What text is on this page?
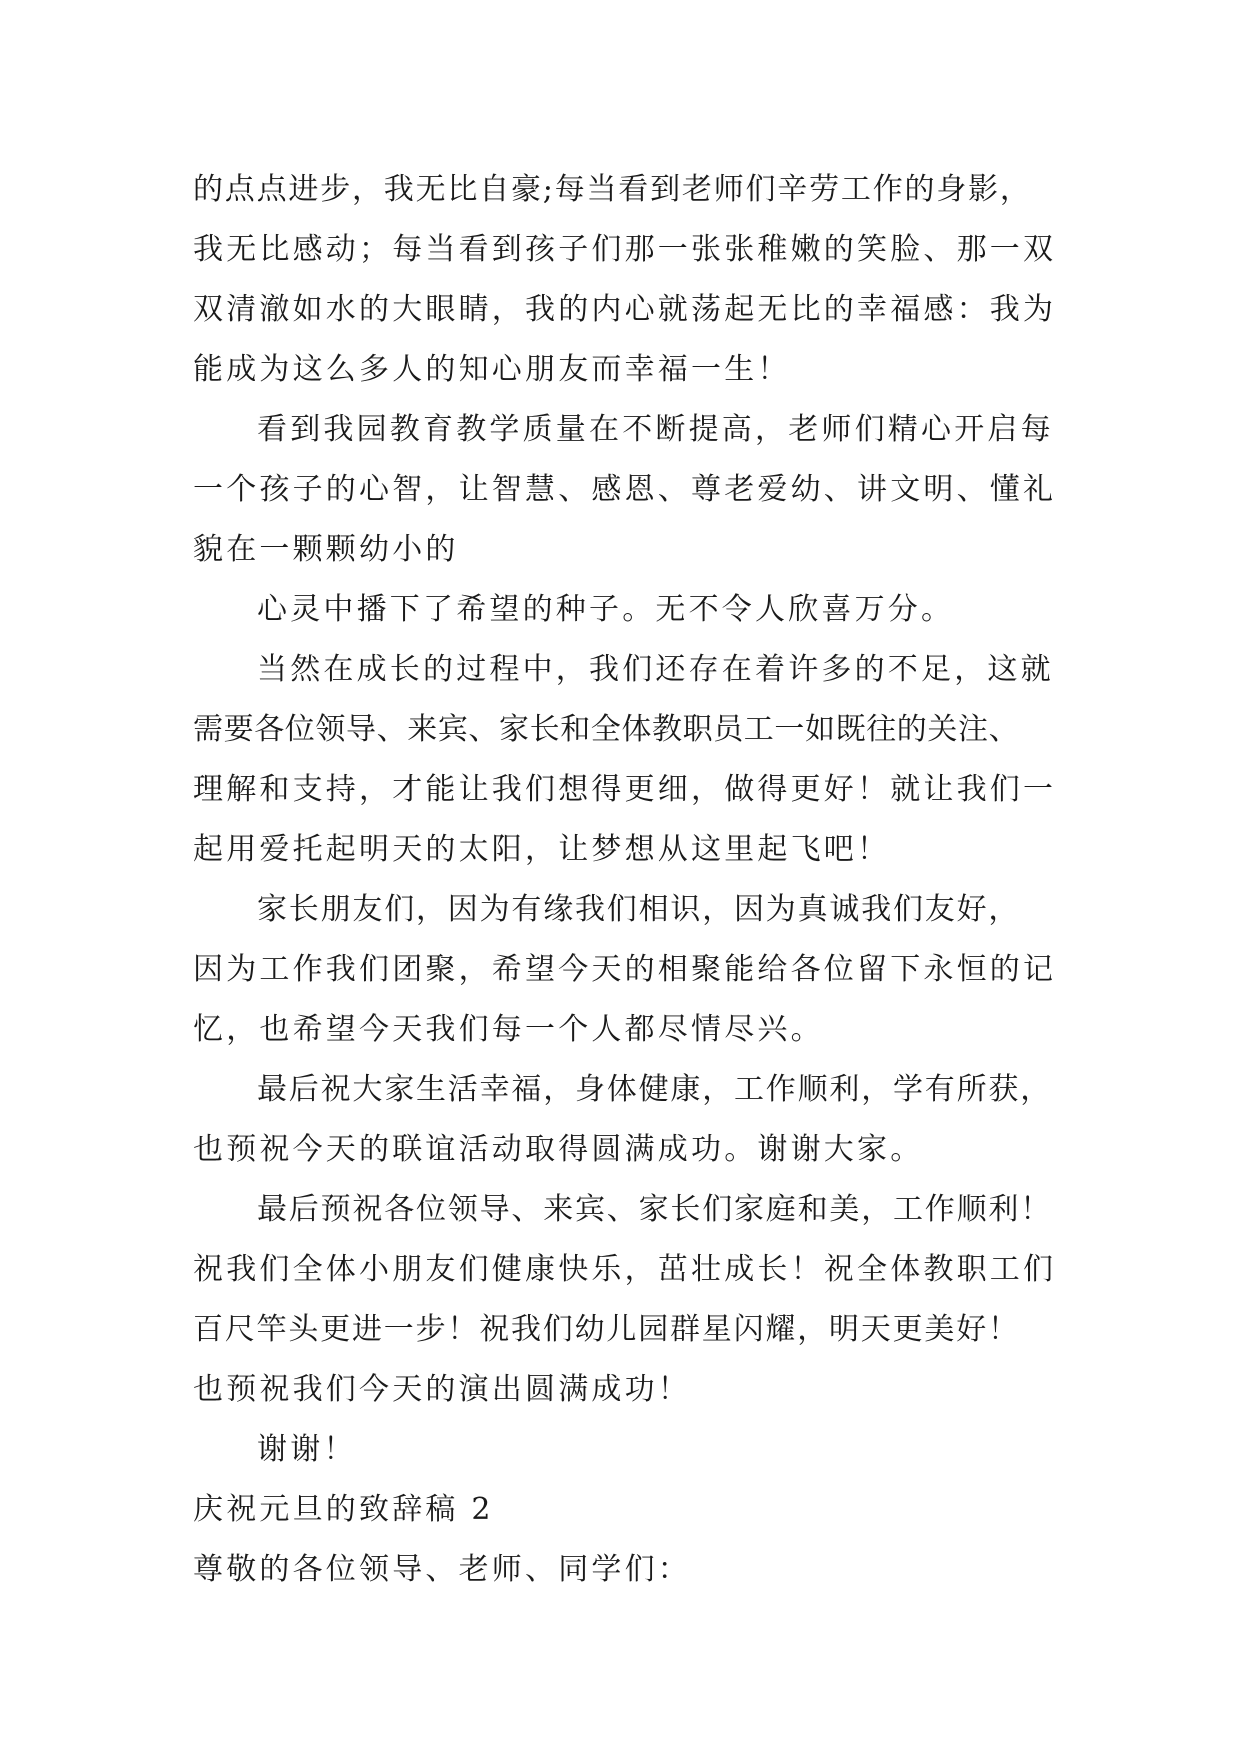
的点点进步，我无比自豪;每当看到老师们辛劳工作的身影，
我无比感动；每当看到孩子们那一张张稚嫩的笑脸、那一双
双清澈如水的大眼睛，我的内心就荡起无比的幸福感：我为
能成为这么多人的知心朋友而幸福一生！
看到我园教育教学质量在不断提高，老师们精心开启每
一个孩子的心智，让智慧、感恩、尊老爱幼、讲文明、懂礼
貌在一颗颗幼小的
心灵中播下了希望的种子。无不令人欣喜万分。
当然在成长的过程中，我们还存在着许多的不足，这就
需要各位领导、来宾、家长和全体教职员工一如既往的关注、
理解和支持，才能让我们想得更细，做得更好！就让我们一
起用爱托起明天的太阳，让梦想从这里起飞吧！
家长朋友们，因为有缘我们相识，因为真诚我们友好，
因为工作我们团聚，希望今天的相聚能给各位留下永恒的记
忆，也希望今天我们每一个人都尽情尽兴。
最后祝大家生活幸福，身体健康，工作顺利，学有所获，
也预祝今天的联谊活动取得圆满成功。谢谢大家。
最后预祝各位领导、来宾、家长们家庭和美，工作顺利！
祝我们全体小朋友们健康快乐，茁壮成长！祝全体教职工们
百尺竿头更进一步！祝我们幼儿园群星闪耀，明天更美好！
也预祝我们今天的演出圆满成功！
谢谢！
庆祝元旦的致辞稿 2
尊敬的各位领导、老师、同学们：
